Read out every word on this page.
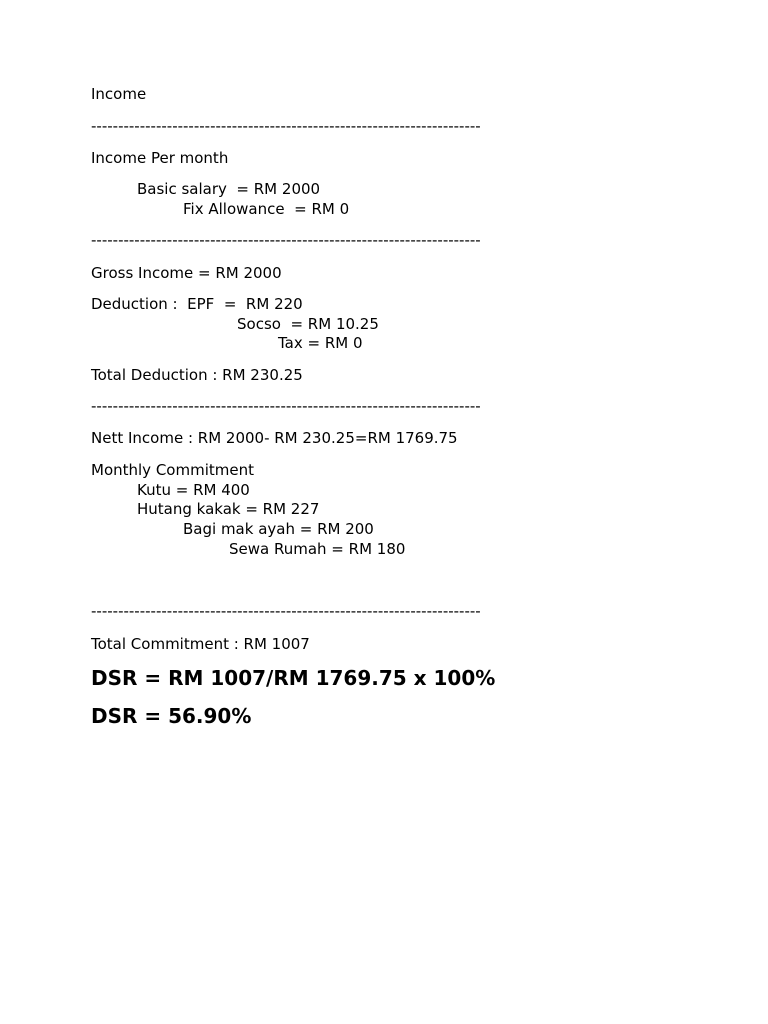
Income

------------------------------------------------------------------------

Income Per month

Basic salary  = RM 2000

Fix Allowance  = RM 0

------------------------------------------------------------------------

Gross Income = RM 2000

Deduction :  EPF  =  RM 220

Socso  = RM 10.25

Tax = RM 0

Total Deduction : RM 230.25

------------------------------------------------------------------------

Nett Income : RM 2000- RM 230.25=RM 1769.75

Monthly Commitment

Kutu = RM 400

Hutang kakak = RM 227

Bagi mak ayah = RM 200

Sewa Rumah = RM 180

------------------------------------------------------------------------

Total Commitment : RM 1007

DSR = RM 1007/RM 1769.75 x 100%

DSR = 56.90%
